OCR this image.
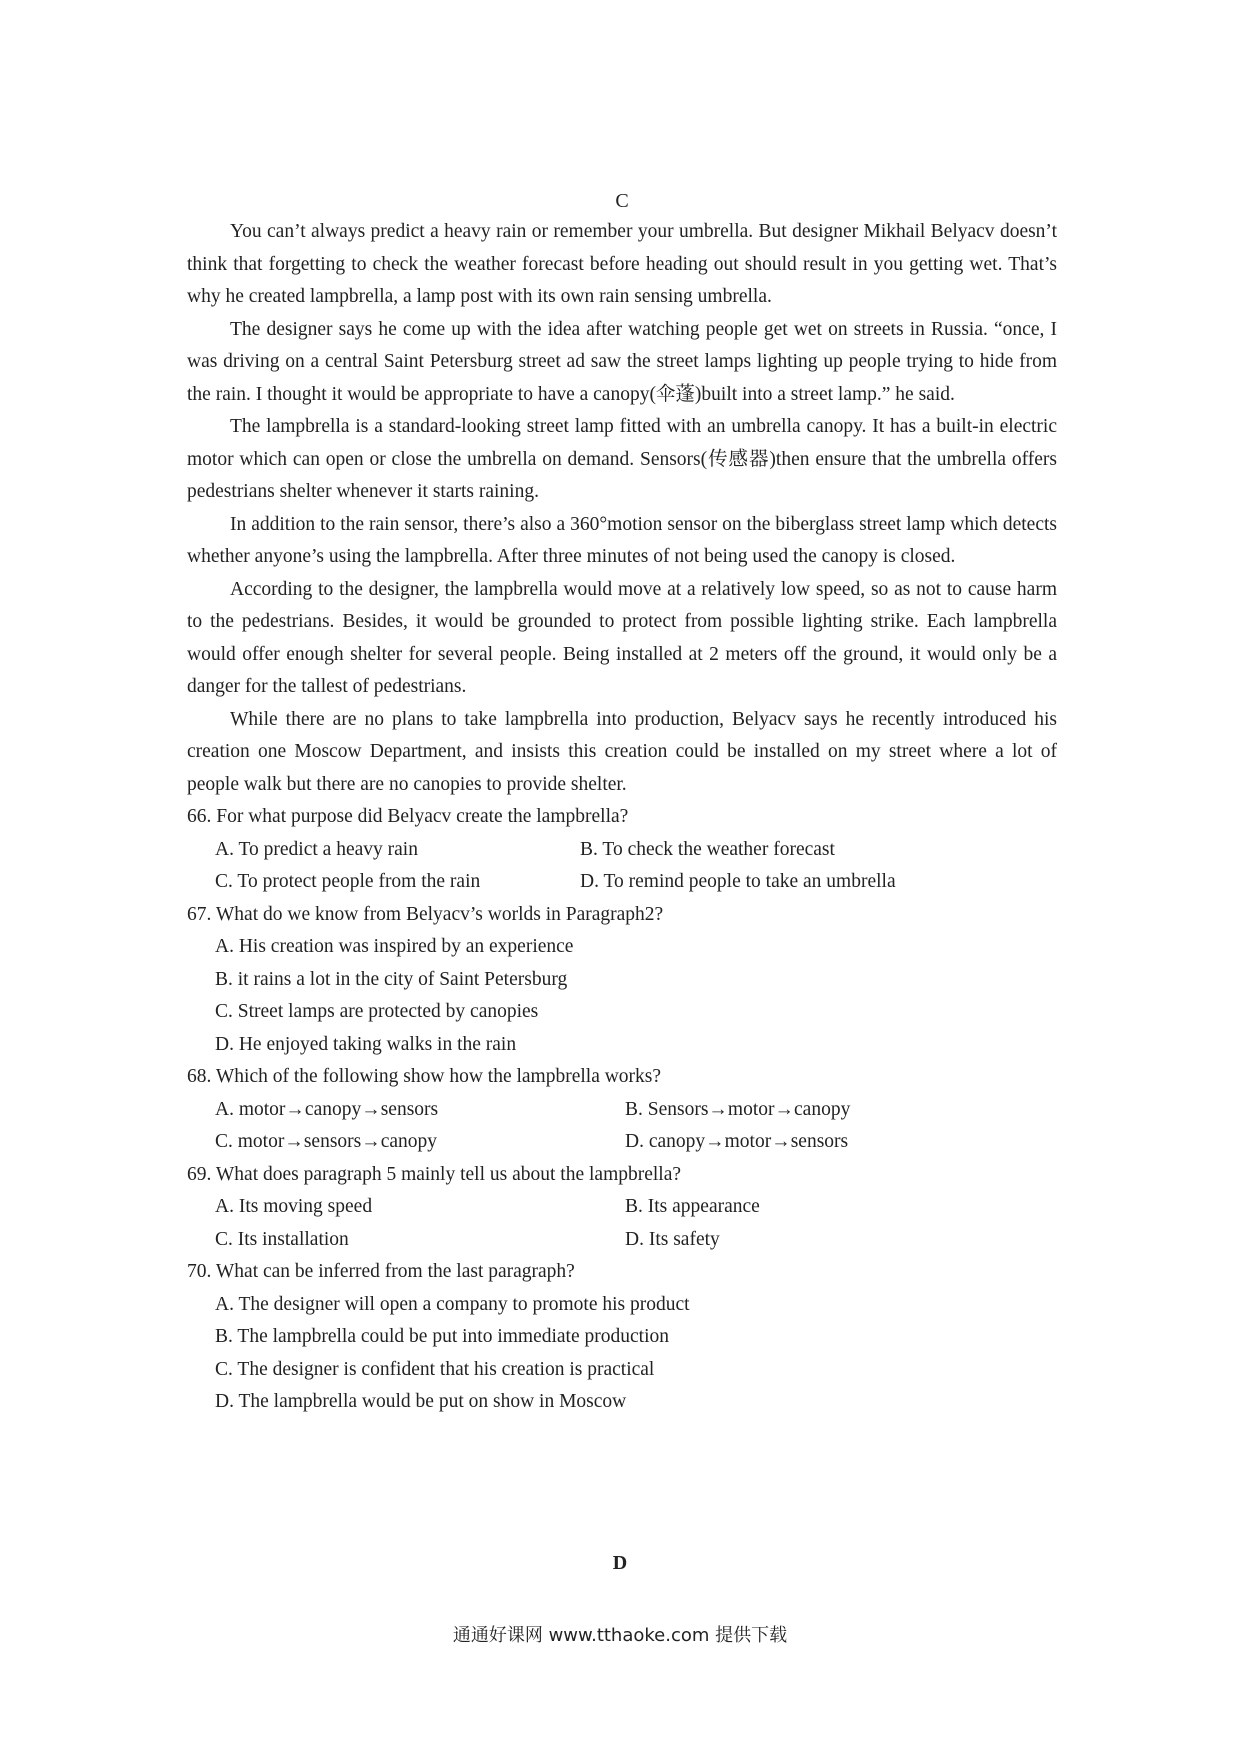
C

You can’t always predict a heavy rain or remember your umbrella. But designer Mikhail Belyacv doesn’t think that forgetting to check the weather forecast before heading out should result in you getting wet. That’s why he created lampbrella, a lamp post with its own rain sensing umbrella.

The designer says he come up with the idea after watching people get wet on streets in Russia. “once, I was driving on a central Saint Petersburg street ad saw the street lamps lighting up people trying to hide from the rain. I thought it would be appropriate to have a canopy(伞蓬)built into a street lamp.” he said.

The lampbrella is a standard-looking street lamp fitted with an umbrella canopy. It has a built-in electric motor which can open or close the umbrella on demand. Sensors(传感器)then ensure that the umbrella offers pedestrians shelter whenever it starts raining.

In addition to the rain sensor, there’s also a 360°motion sensor on the biberglass street lamp which detects whether anyone’s using the lampbrella. After three minutes of not being used the canopy is closed.

According to the designer, the lampbrella would move at a relatively low speed, so as not to cause harm to the pedestrians. Besides, it would be grounded to protect from possible lighting strike. Each lampbrella would offer enough shelter for several people. Being installed at 2 meters off the ground, it would only be a danger for the tallest of pedestrians.

While there are no plans to take lampbrella into production, Belyacv says he recently introduced his creation one Moscow Department, and insists this creation could be installed on my street where a lot of people walk but there are no canopies to provide shelter.

66. For what purpose did Belyacv create the lampbrella?

A. To predict a heavy rain	B. To check the weather forecast
C. To protect people from the rain	D. To remind people to take an umbrella

67. What do we know from Belyacv’s worlds in Paragraph2?

A. His creation was inspired by an experience
B. it rains a lot in the city of Saint Petersburg
C. Street lamps are protected by canopies
D. He enjoyed taking walks in the rain

68. Which of the following show how the lampbrella works?

A. motor→canopy→sensors	B. Sensors→motor→canopy
C. motor→sensors→canopy	D. canopy→motor→sensors

69. What does paragraph 5 mainly tell us about the lampbrella?

A. Its moving speed	B. Its appearance
C. Its installation	D. Its safety

70. What can be inferred from the last paragraph?

A. The designer will open a company to promote his product
B. The lampbrella could be put into immediate production
C. The designer is confident that his creation is practical
D. The lampbrella would be put on show in Moscow
D
通通好课网 www.tthaoke.com 提供下载
